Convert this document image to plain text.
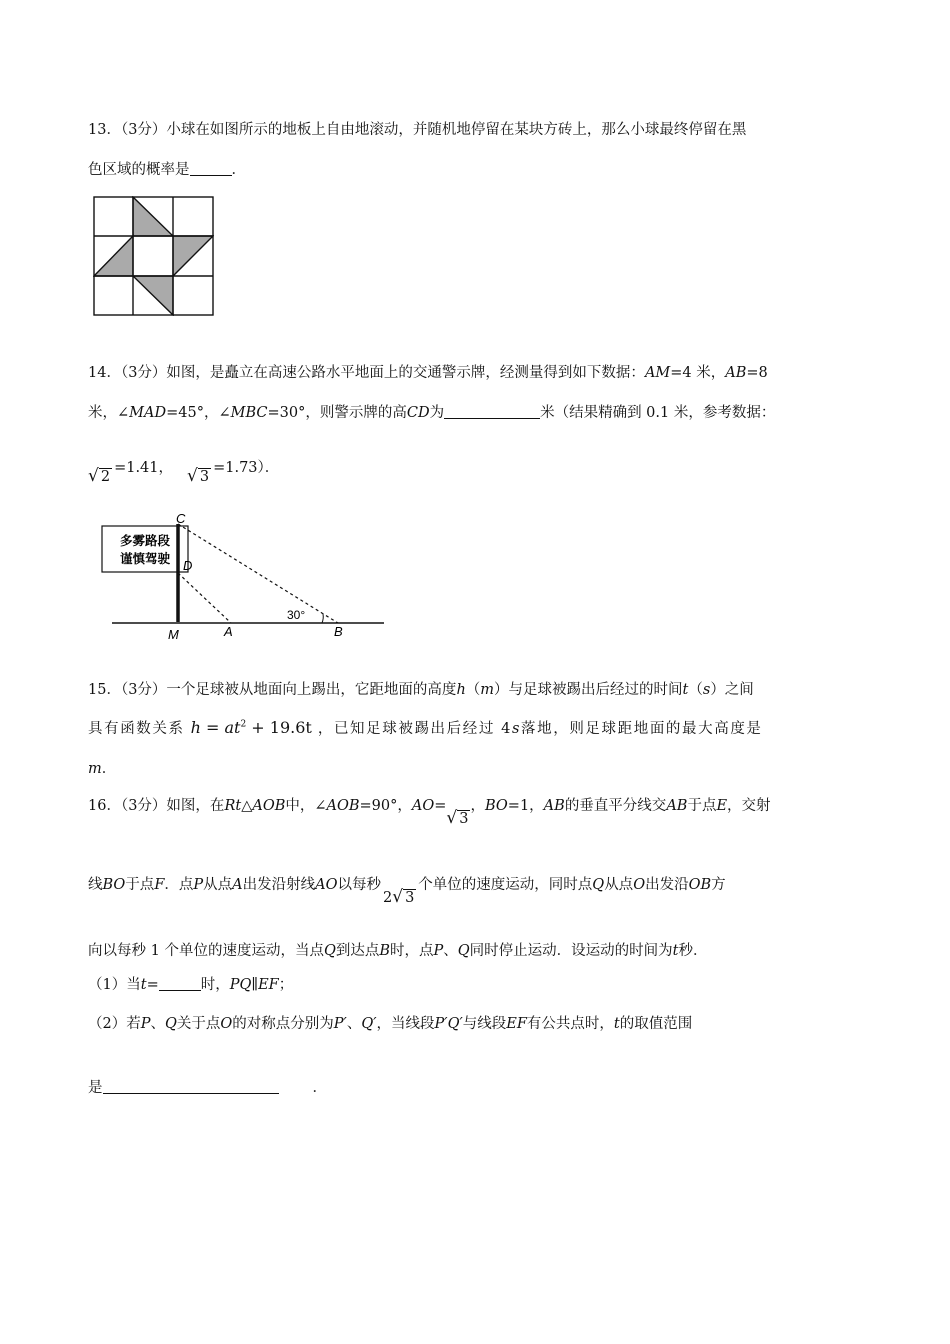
13．（3分）小球在如图所示的地板上自由地滚动，并随机地停留在某块方砖上，那么小球最终停留在黑
色区域的概率是	．
14．（3分）如图，是矗立在高速公路水平地面上的交通警示牌，经测量得到如下数据：AM=4 米，AB=8
米，∠MAD=45°，∠MBC=30°，则警示牌的高CD为	米（结果精确到 0.1 米，参考数据：
√ 2=1.41， √ 3=1.73）．
多雾路段
谨慎驾驶
30°
C
D
M	A	B
15．（3分）一个足球被从地面向上踢出，它距地面的高度h（m）与足球被踢出后经过的时间t（s）之间
具有函数关系 $h = at^2 + 19.6t$ ，已知足球被踢出后经过 4s落地，则足球距地面的最大高度是
m．
16．（3分）如图，在Rt△AOB中，∠AOB=90°，AO=√ 3，BO=1，AB的垂直平分线交AB于点E，交射
线BO于点F．点P从点A出发沿射线AO以每秒2√ 3个单位的速度运动，同时点Q从点O出发沿OB方
向以每秒 1 个单位的速度运动，当点Q到达点B时，点P、Q同时停止运动．设运动的时间为t秒．
（1）当t=	时，PQ∥EF；
（2）若P、Q关于点O的对称点分别为P′、Q′，当线段P′Q′与线段EF有公共点时，t的取值范围
是	．
